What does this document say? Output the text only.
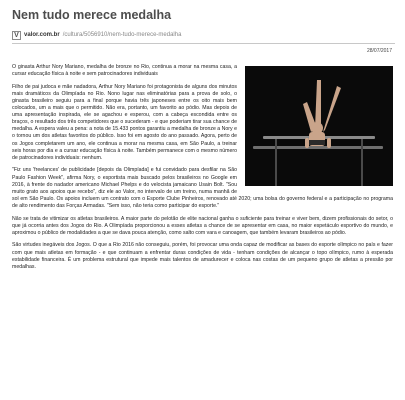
Nem tudo merece medalha
V valor.com.br /cultura/5056910/nem-tudo-merece-medalha
28/07/2017

O ginasta Arthur Nory Mariano, medalha de bronze no Rio, continua a morar na mesma casa, a cursar educação física à noite e sem patrocinadores individuais

Filho de pai judoca e mãe nadadora, Arthur Nory Mariano foi protagonista de alguns dos minutos mais dramáticos da Olimpíada no Rio. Nono lugar nas eliminatórias para a prova de solo, o ginasta brasileiro seguiu para a final porque havia três japoneses entre os oito mais bem colocados, um a mais que o permitido. Não era, portanto, um favorito ao pódio. Mas depois de uma apresentação inspirada, ele se agachou e esperou, com a cabeça escondida entre os braços, o resultado dos três competidores que o sucederam - e que poderiam tirar sua chance de medalha. A espera valeu a pena: a nota de 15.433 pontos garantiu a medalha de bronze a Nory e o tornou um dos atletas favoritos do público. Isso foi em agosto do ano passado. Agora, perto de os Jogos completarem um ano, ele continua a morar na mesma casa, em São Paulo, a treinar seis horas por dia e a cursar educação física à noite. Também permanece com o mesmo número de patrocinadores individuais: nenhum.

"Fiz uns 'freelances' de publicidade [depois da Olimpíada] e fui convidado para desfilar na São Paulo Fashion Week", afirma Nory, o esportista mais buscado pelos brasileiros no Google em 2016, à frente do nadador americano Michael Phelps e do velocista jamaicano Usain Bolt. "Sou muito grato aos apoios que recebo", diz ele ao Valor, no intervalo de um treino, numa manhã de sol em São Paulo. Os apoios incluem um contrato com o Esporte Clube Pinheiros, renovado até 2020; uma bolsa do governo federal e a participação no programa de alto rendimento das Forças Armadas. "Sem isso, não teria como participar do esporte."

Não se trata de vitimizar os atletas brasileiros. A maior parte do pelotão de elite nacional ganha o suficiente para treinar e viver bem, dizem profissionais do setor, o que já ocorria antes dos Jogos do Rio. A Olimpíada proporcionou a esses atletas a chance de se apresentar em casa, no maior espetáculo esportivo do mundo, e aproximou o público de modalidades a que se dava pouca atenção, como salto com vara e canoagem, que também levaram brasileiros ao pódio.

São virtudes inegáveis dos Jogos. O que a Rio 2016 não conseguiu, porém, foi provocar uma onda capaz de modificar as bases do esporte olímpico no país e fazer com que mais atletas em formação - e que continuam a enfrentar duras condições de vida - tenham condições de alcançar o topo olímpico, rumo à esperada estabilidade financeira. É um problema estrutural que impede mais talentos de amadurecer e coloca nas costas de um pequeno grupo de atletas a pressão por medalhas.
